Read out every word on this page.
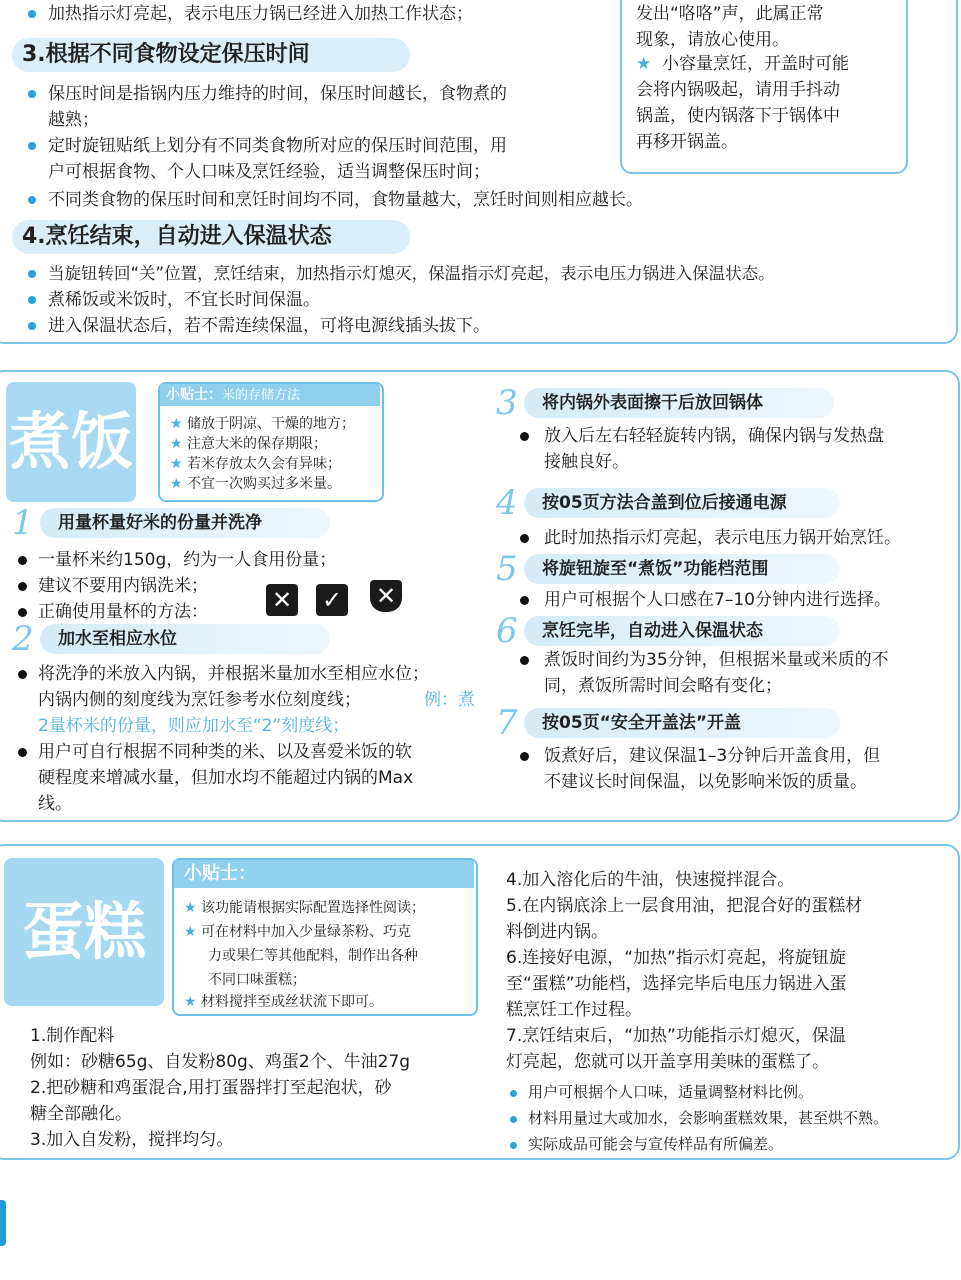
加热指示灯亮起，表示电压力锅已经进入加热工作状态；	发出“咯咯”声，此属正常
现象，请放心使用。
★ 小容量烹饪，开盖时可能
会将内锅吸起，请用手抖动
锅盖，使内锅落下于锅体中
再移开锅盖。
3.根据不同食物设定保压时间
保压时间是指锅内压力维持的时间，保压时间越长，食物煮的
越熟；
定时旋钮贴纸上划分有不同类食物所对应的保压时间范围，用
户可根据食物、个人口味及烹饪经验，适当调整保压时间；
不同类食物的保压时间和烹饪时间均不同，食物量越大，烹饪时间则相应越长。
4.烹饪结束，自动进入保温状态
当旋钮转回“关”位置，烹饪结束，加热指示灯熄灭，保温指示灯亮起，表示电压力锅进入保温状态。
煮稀饭或米饭时，不宜长时间保温。
进入保温状态后，若不需连续保温，可将电源线插头拔下。
煮饭
小贴士：米的存储方法
★ 储放于阴凉、干燥的地方；
★ 注意大米的保存期限；
★ 若米存放太久会有异味；
★ 不宜一次购买过多米量。
1 用量杯量好米的份量并洗净
一量杯米约150g，约为一人食用份量；
建议不要用内锅洗米；
正确使用量杯的方法：	✕ ✓ ✕
2 加水至相应水位
将洗净的米放入内锅，并根据米量加水至相应水位；
内锅内侧的刻度线为烹饪参考水位刻度线；	例：煮
2量杯米的份量，则应加水至“2”刻度线；
用户可自行根据不同种类的米、以及喜爱米饭的软
硬程度来增减水量，但加水均不能超过内锅的Max
线。
3 将内锅外表面擦干后放回锅体
放入后左右轻轻旋转内锅，确保内锅与发热盘
接触良好。
4 按05页方法合盖到位后接通电源
此时加热指示灯亮起，表示电压力锅开始烹饪。
5 将旋钮旋至“煮饭”功能档范围
用户可根据个人口感在7–10分钟内进行选择。
6 烹饪完毕，自动进入保温状态
煮饭时间约为35分钟，但根据米量或米质的不
同，煮饭所需时间会略有变化；
7 按05页“安全开盖法”开盖
饭煮好后，建议保温1–3分钟后开盖食用，但
不建议长时间保温，以免影响米饭的质量。
蛋糕
小贴士：
★ 该功能请根据实际配置选择性阅读；
★ 可在材料中加入少量绿茶粉、巧克
力或果仁等其他配料，制作出各种
不同口味蛋糕；
★ 材料搅拌至成丝状流下即可。
1.制作配料
例如：砂糖65g、自发粉80g、鸡蛋2个、牛油27g
2.把砂糖和鸡蛋混合,用打蛋器拌打至起泡状，砂
糖全部融化。
3.加入自发粉，搅拌均匀。
4.加入溶化后的牛油，快速搅拌混合。
5.在内锅底涂上一层食用油，把混合好的蛋糕材
料倒进内锅。
6.连接好电源，“加热”指示灯亮起，将旋钮旋
至“蛋糕”功能档，选择完毕后电压力锅进入蛋
糕烹饪工作过程。
7.烹饪结束后，“加热”功能指示灯熄灭，保温
灯亮起，您就可以开盖享用美味的蛋糕了。
用户可根据个人口味，适量调整材料比例。
材料用量过大或加水，会影响蛋糕效果，甚至烘不熟。
实际成品可能会与宣传样品有所偏差。
